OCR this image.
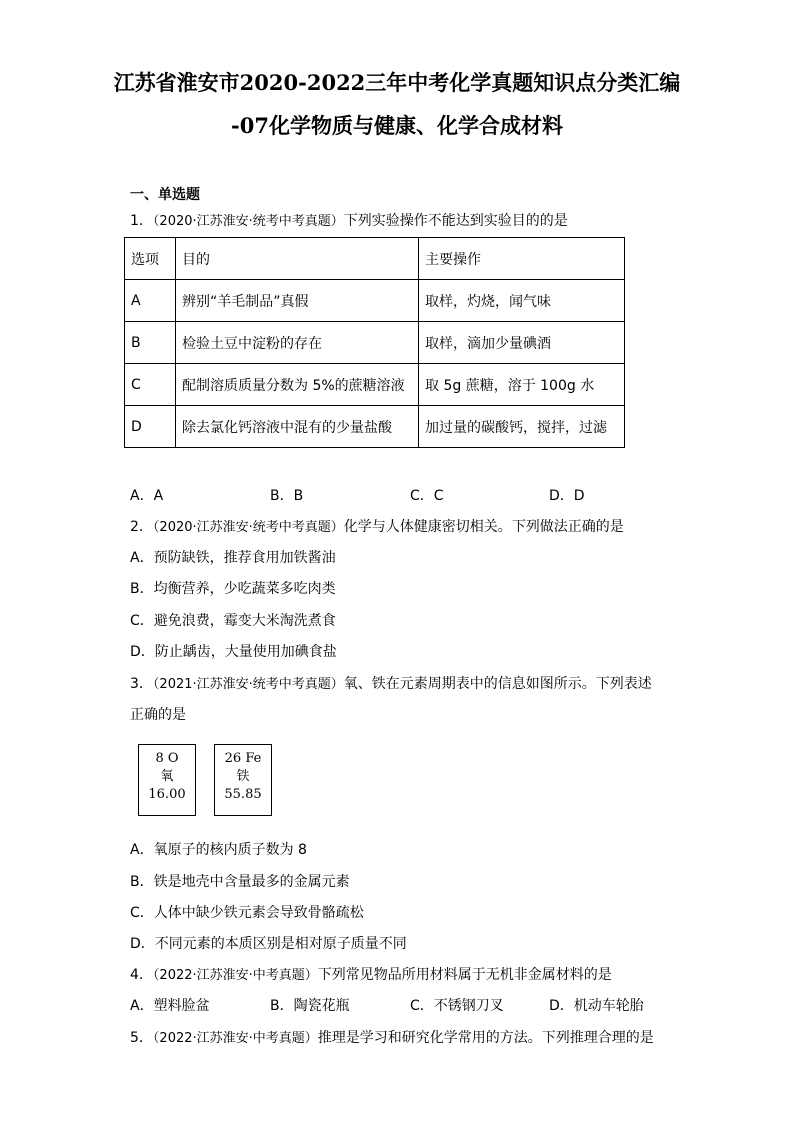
江苏省淮安市2020-2022三年中考化学真题知识点分类汇编
-07化学物质与健康、化学合成材料
一、单选题
1．（2020·江苏淮安·统考中考真题）下列实验操作不能达到实验目的的是
选项	目的	主要操作
A	辨别“羊毛制品”真假	取样，灼烧，闻气味
B	检验土豆中淀粉的存在	取样，滴加少量碘酒
C	配制溶质质量分数为 5%的蔗糖溶液	取 5g 蔗糖，溶于 100g 水
D	除去氯化钙溶液中混有的少量盐酸	加过量的碳酸钙，搅拌，过滤
A．A	B．B	C．C	D．D
2．（2020·江苏淮安·统考中考真题）化学与人体健康密切相关。下列做法正确的是
A．预防缺铁，推荐食用加铁酱油
B．均衡营养，少吃蔬菜多吃肉类
C．避免浪费，霉变大米淘洗煮食
D．防止龋齿，大量使用加碘食盐
3．（2021·江苏淮安·统考中考真题）氧、铁在元素周期表中的信息如图所示。下列表述
正确的是
8 O
氧
16.00
26 Fe
铁
55.85
A．氧原子的核内质子数为 8
B．铁是地壳中含量最多的金属元素
C．人体中缺少铁元素会导致骨骼疏松
D．不同元素的本质区别是相对原子质量不同
4．（2022·江苏淮安·中考真题）下列常见物品所用材料属于无机非金属材料的是
A．塑料脸盆	B．陶瓷花瓶	C．不锈钢刀叉	D．机动车轮胎
5．（2022·江苏淮安·中考真题）推理是学习和研究化学常用的方法。下列推理合理的是
